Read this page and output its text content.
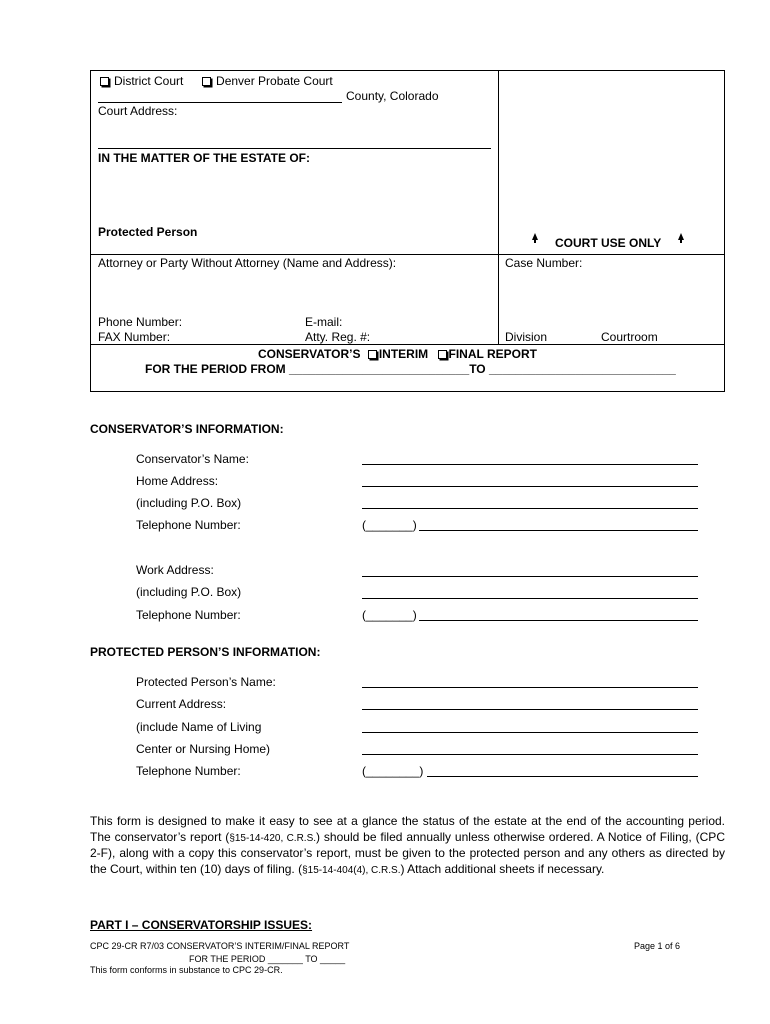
District Court	Denver Probate Court
County, Colorado
Court Address:
IN THE MATTER OF THE ESTATE OF:
Protected Person
COURT USE ONLY
Attorney or Party Without Attorney (Name and Address):	Case Number:
Phone Number:	E-mail:
FAX Number:	Atty. Reg. #:	Division	Courtroom
CONSERVATOR’S INTERIM FINAL REPORT
FOR THE PERIOD FROM ___________________________TO ____________________________
CONSERVATOR’S INFORMATION:
Conservator’s Name:
Home Address:
(including P.O. Box)
Telephone Number:	(_______)
Work Address:
(including P.O. Box)
Telephone Number:	(_______)
PROTECTED PERSON’S INFORMATION:
Protected Person’s Name:
Current Address:
(include Name of Living
Center or Nursing Home)
Telephone Number:	(________)
This form is designed to make it easy to see at a glance the status of the estate at the end of the accounting period. The conservator’s report (§15-14-420, C.R.S.) should be filed annually unless otherwise ordered. A Notice of Filing, (CPC 2-F), along with a copy this conservator’s report, must be given to the protected person and any others as directed by the Court, within ten (10) days of filing. (§15-14-404(4), C.R.S.) Attach additional sheets if necessary.
PART I – CONSERVATORSHIP ISSUES:
CPC 29-CR R7/03 CONSERVATOR’S INTERIM/FINAL REPORT
FOR THE PERIOD _______ TO _____
This form conforms in substance to CPC 29-CR.
Page 1 of 6
